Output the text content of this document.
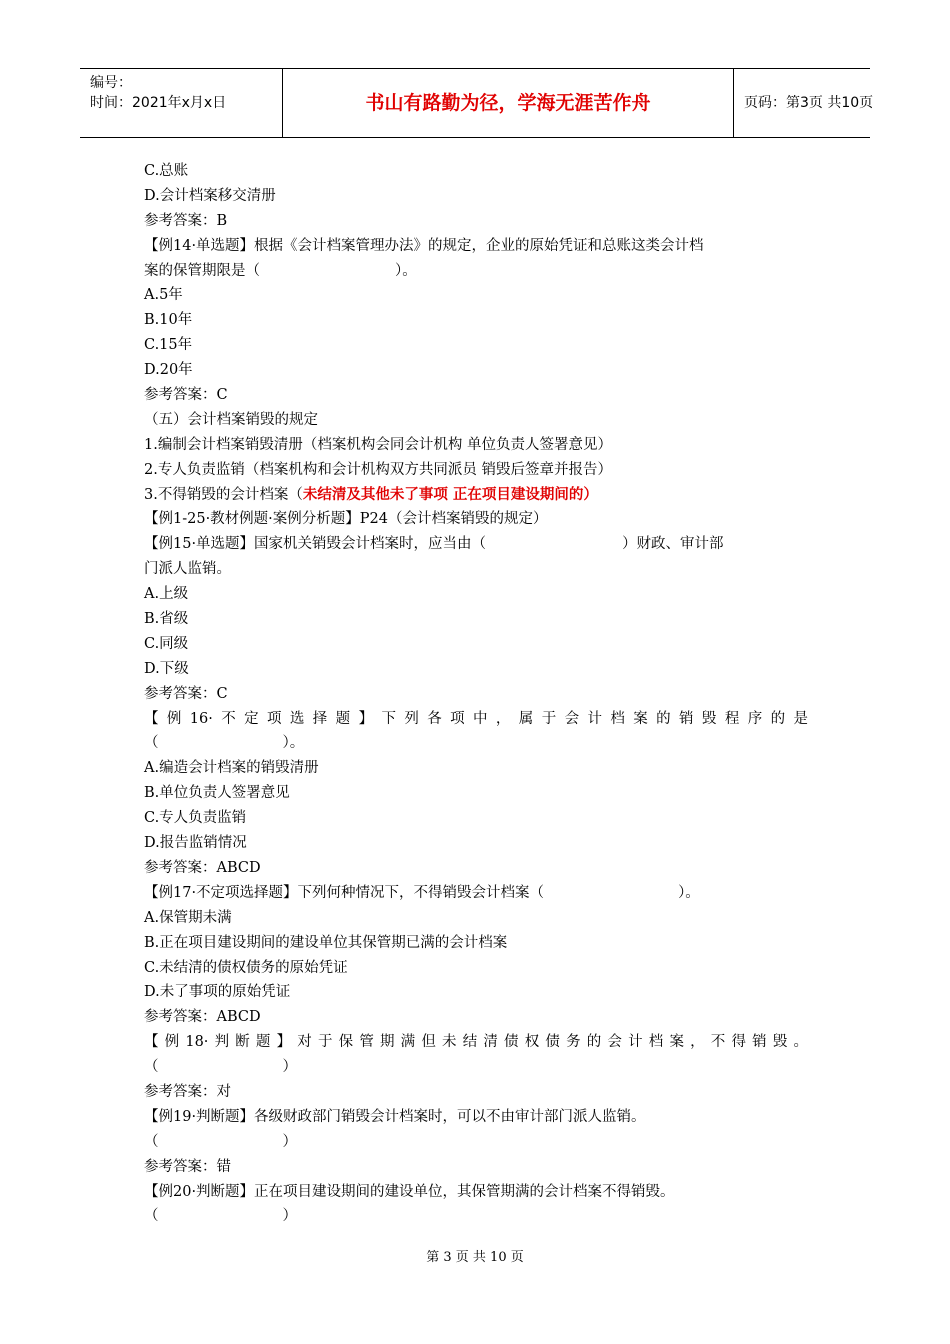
编号：
时间：2021年x月x日	书山有路勤为径，学海无涯苦作舟	页码：第3页 共10页
C.总账
D.会计档案移交清册
参考答案：B
【例14·单选题】根据《会计档案管理办法》的规定，企业的原始凭证和总账这类会计档
案的保管期限是（	）。
A.5年
B.10年
C.15年
D.20年
参考答案：C
（五）会计档案销毁的规定
1.编制会计档案销毁清册（档案机构会同会计机构 单位负责人签署意见）
2.专人负责监销（档案机构和会计机构双方共同派员 销毁后签章并报告）
3.不得销毁的会计档案（未结清及其他未了事项 正在项目建设期间的）
【例1-25·教材例题·案例分析题】P24（会计档案销毁的规定）
【例15·单选题】国家机关销毁会计档案时，应当由（	）财政、审计部
门派人监销。
A.上级
B.省级
C.同级
D.下级
参考答案：C
【例16·不定项选择题】下列各项中，属于会计档案的销毁程序的是
（	）。
A.编造会计档案的销毁清册
B.单位负责人签署意见
C.专人负责监销
D.报告监销情况
参考答案：ABCD
【例17·不定项选择题】下列何种情况下，不得销毁会计档案（	）。
A.保管期未满
B.正在项目建设期间的建设单位其保管期已满的会计档案
C.未结清的债权债务的原始凭证
D.未了事项的原始凭证
参考答案：ABCD
【例18·判断题】对于保管期满但未结清债权债务的会计档案，不得销毁。
（	）
参考答案：对
【例19·判断题】各级财政部门销毁会计档案时，可以不由审计部门派人监销。
（	）
参考答案：错
【例20·判断题】正在项目建设期间的建设单位，其保管期满的会计档案不得销毁。
（	）
第 3 页 共 10 页
